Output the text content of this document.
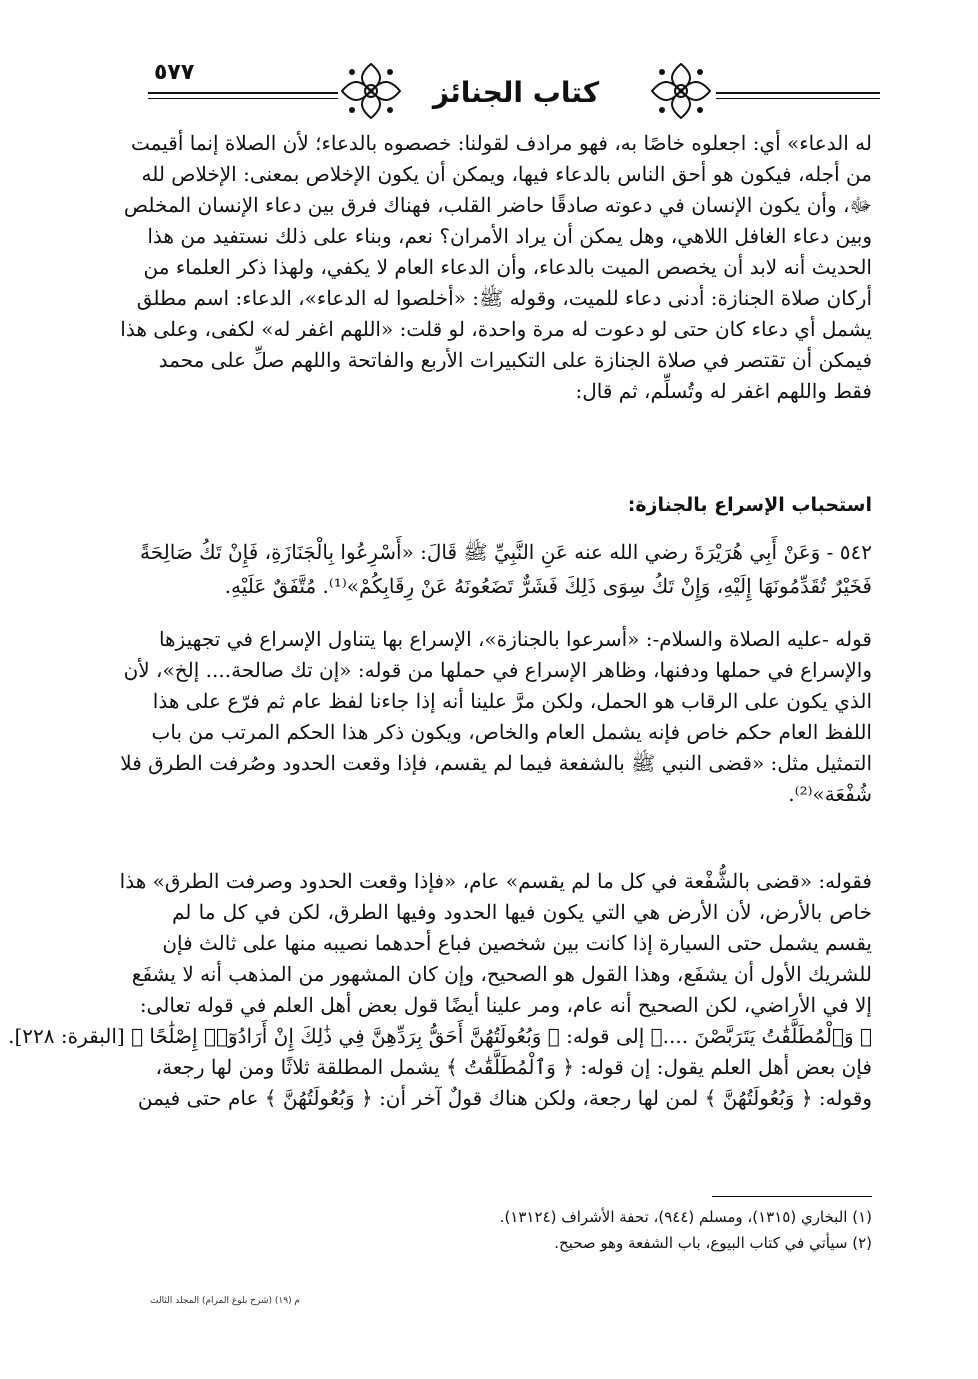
٥٧٧
كتاب الجنائز
له الدعاء» أي: اجعلوه خاصًا به، فهو مرادف لقولنا: خصصوه بالدعاء؛ لأن الصلاة إنما أقيمت
من أجله، فيكون هو أحق الناس بالدعاء فيها، ويمكن أن يكون الإخلاص بمعنى: الإخلاص لله
ﷻ، وأن يكون الإنسان في دعوته صادقًا حاضر القلب، فهناك فرق بين دعاء الإنسان المخلص
وبين دعاء الغافل اللاهي، وهل يمكن أن يراد الأمران؟ نعم، وبناء على ذلك نستفيد من هذا
الحديث أنه لابد أن يخصص الميت بالدعاء، وأن الدعاء العام لا يكفي، ولهذا ذكر العلماء من
أركان صلاة الجنازة: أدنى دعاء للميت، وقوله ﷺ: «أخلصوا له الدعاء»، الدعاء: اسم مطلق
يشمل أي دعاء كان حتى لو دعوت له مرة واحدة، لو قلت: «اللهم اغفر له» لكفى، وعلى هذا
فيمكن أن تقتصر في صلاة الجنازة على التكبيرات الأربع والفاتحة واللهم صلِّ على محمد
فقط واللهم اغفر له وتُسلِّم، ثم قال:
استحباب الإسراع بالجنازة:
٥٤٢ - وَعَنْ أَبِي هُرَيْرَةَ رضي الله عنه عَنِ النَّبِيِّ ﷺ قَالَ: «أَسْرِعُوا بِالْجَنَازَةِ، فَإِنْ تَكُ صَالِحَةً
فَخَيْرٌ تُقَدِّمُونَهَا إِلَيْهِ، وَإِنْ تَكُ سِوَى ذَلِكَ فَشَرٌّ تَضَعُونَهُ عَنْ رِقَابِكُمْ»⁽¹⁾. مُتَّفَقٌ عَلَيْهِ.
قوله -عليه الصلاة والسلام-: «أسرعوا بالجنازة»، الإسراع بها يتناول الإسراع في تجهيزها
والإسراع في حملها ودفنها، وظاهر الإسراع في حملها من قوله: «إن تك صالحة.... إلخ»، لأن
الذي يكون على الرقاب هو الحمل، ولكن مرَّ علينا أنه إذا جاءنا لفظ عام ثم فرّع على هذا
اللفظ العام حكم خاص فإنه يشمل العام والخاص، ويكون ذكر هذا الحكم المرتب من باب
التمثيل مثل: «قضى النبي ﷺ بالشفعة فيما لم يقسم، فإذا وقعت الحدود وصُرفت الطرق فلا
شُفْعَة»⁽²⁾.
فقوله: «قضى بالشُّفْعة في كل ما لم يقسم» عام، «فإذا وقعت الحدود وصرفت الطرق» هذا
خاص بالأرض، لأن الأرض هي التي يكون فيها الحدود وفيها الطرق، لكن في كل ما لم
يقسم يشمل حتى السيارة إذا كانت بين شخصين فباع أحدهما نصيبه منها على ثالث فإن
للشريك الأول أن يشفَع، وهذا القول هو الصحيح، وإن كان المشهور من المذهب أنه لا يشفَع
إلا في الأراضي، لكن الصحيح أنه عام، ومر علينا أيضًا قول بعض أهل العلم في قوله تعالى:
﴿ وَٱلْمُطَلَّقَٰتُ يَتَرَبَّصْنَ ....﴾ إلى قوله: ﴿ وَبُعُولَتُهُنَّ أَحَقُّ بِرَدِّهِنَّ فِي ذَٰلِكَ إِنْ أَرَادُوٓا۟ إِصْلَٰحًا ﴾ [البقرة: ٢٢٨].
فإن بعض أهل العلم يقول: إن قوله: ﴿ وَٱلْمُطَلَّقَٰتُ ﴾ يشمل المطلقة ثلاثًا ومن لها رجعة،
وقوله: ﴿ وَبُعُولَتُهُنَّ ﴾ لمن لها رجعة، ولكن هناك قولٌ آخر أن: ﴿ وَبُعُولَتُهُنَّ ﴾ عام حتى فيمن
(١) البخاري (١٣١٥)، ومسلم (٩٤٤)، تحفة الأشراف (١٣١٢٤).
(٢) سيأتي في كتاب البيوع، باب الشفعة وهو صحيح.
م (١٩) (شرح بلوغ المرام) المجلد الثالث
